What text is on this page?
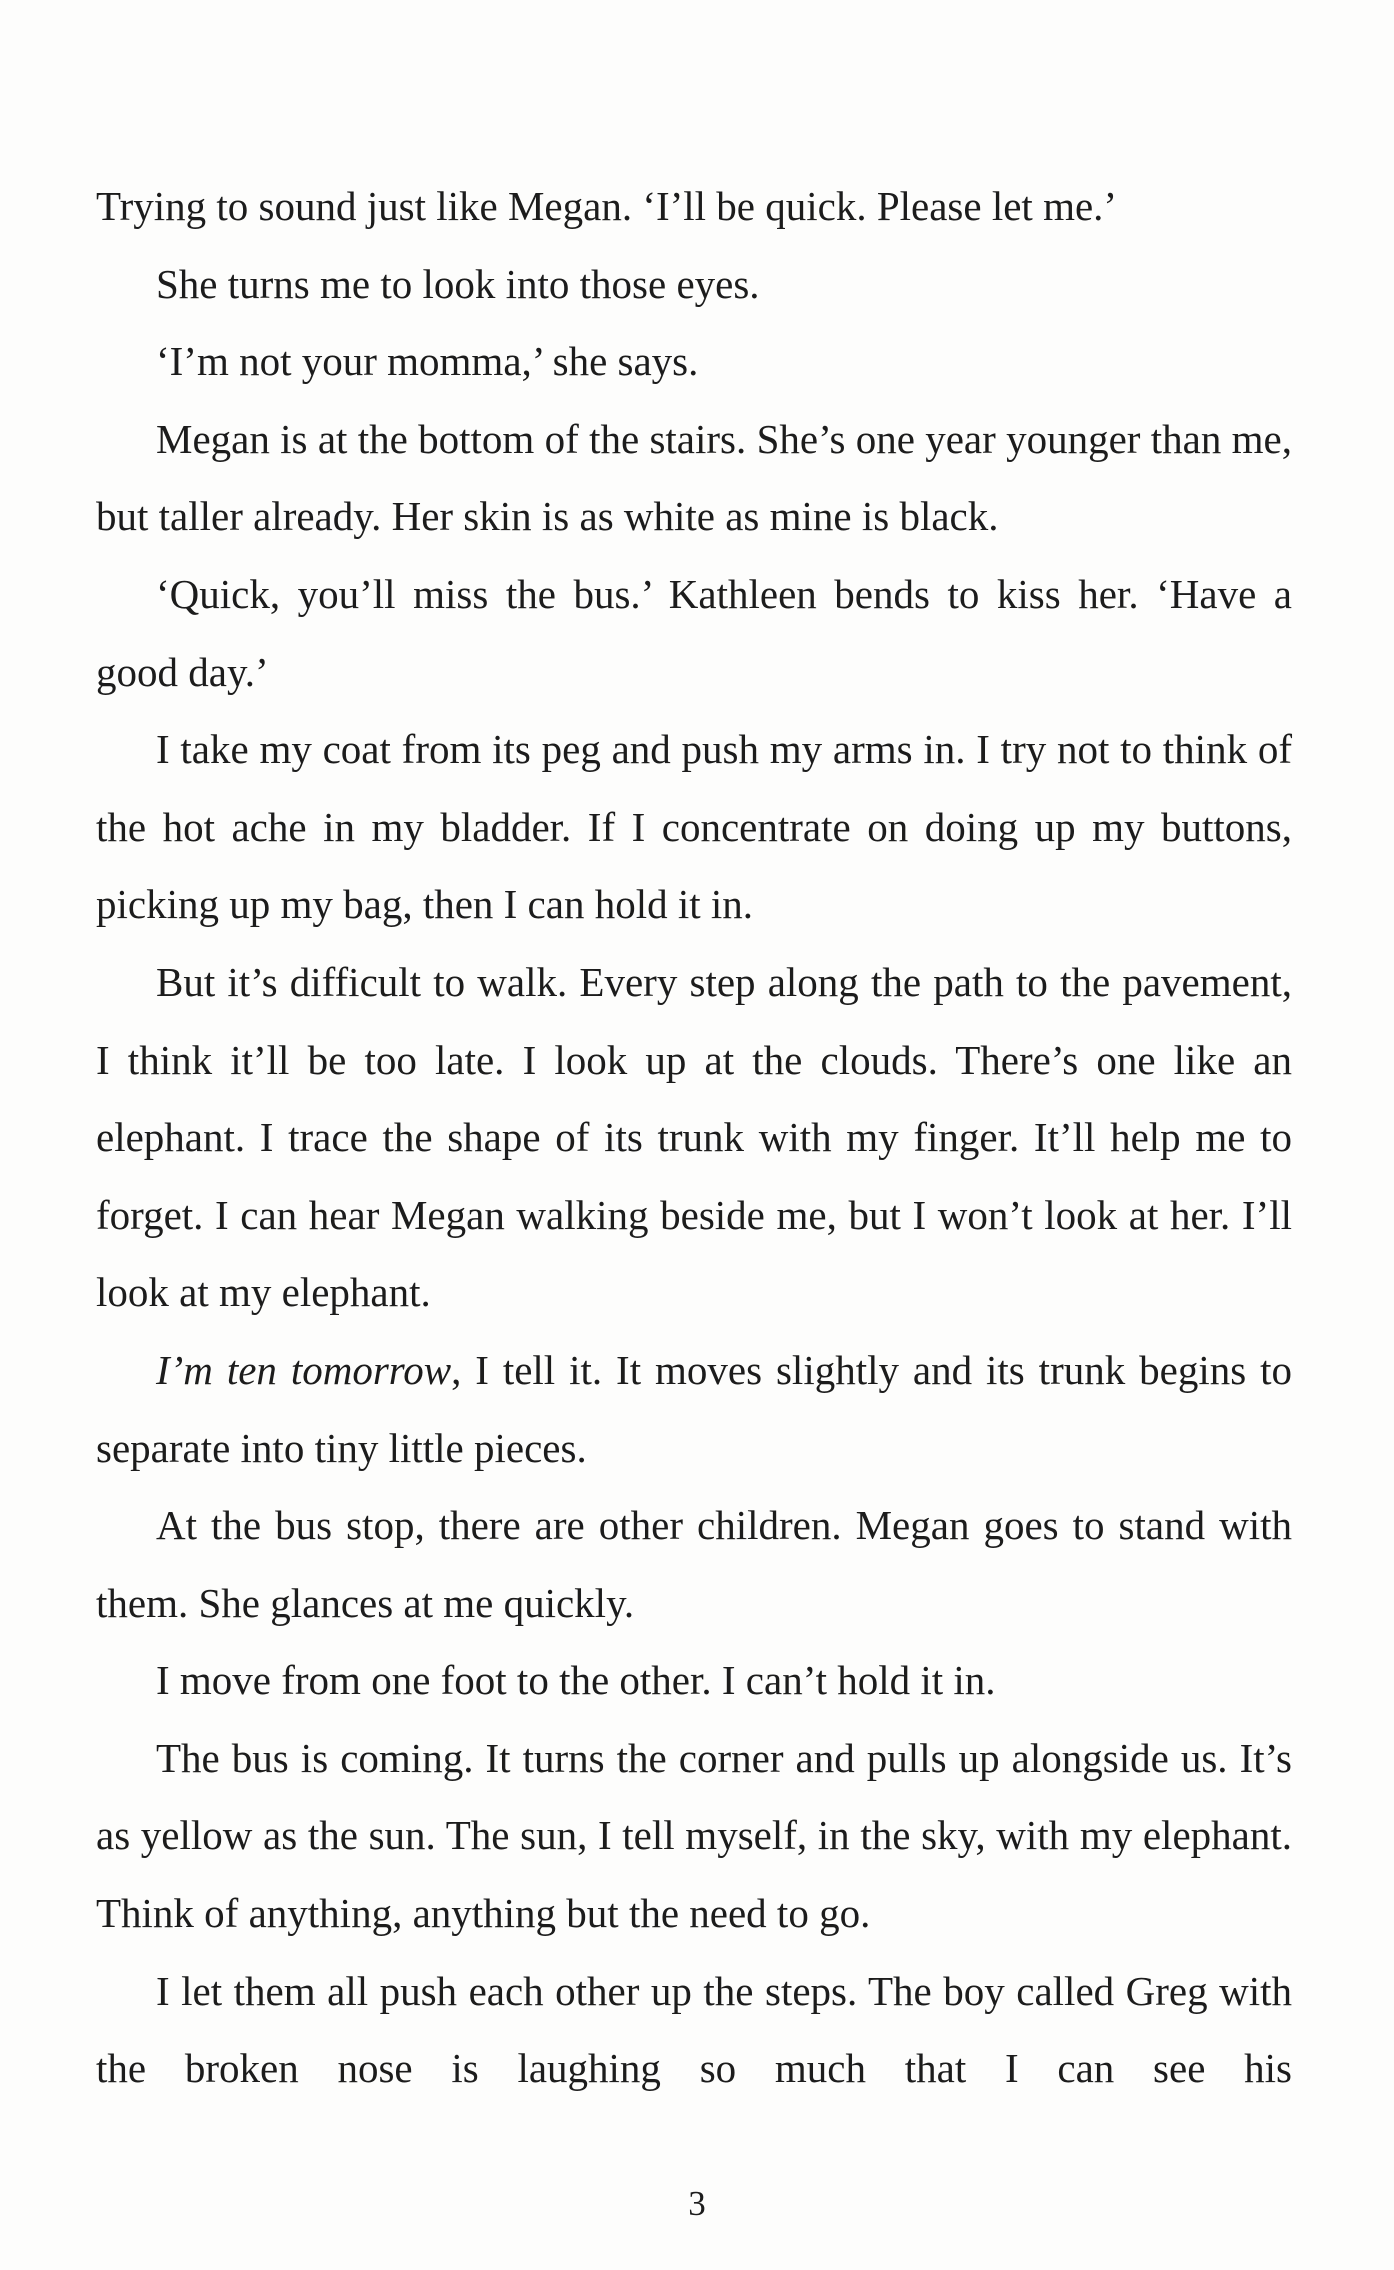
Trying to sound just like Megan. ‘I’ll be quick. Please let me.’

She turns me to look into those eyes.

‘I’m not your momma,’ she says.

Megan is at the bottom of the stairs. She’s one year younger than me, but taller already. Her skin is as white as mine is black.

‘Quick, you’ll miss the bus.’ Kathleen bends to kiss her. ‘Have a good day.’

I take my coat from its peg and push my arms in. I try not to think of the hot ache in my bladder. If I concentrate on doing up my buttons, picking up my bag, then I can hold it in.

But it’s difficult to walk. Every step along the path to the pavement, I think it’ll be too late. I look up at the clouds. There’s one like an elephant. I trace the shape of its trunk with my finger. It’ll help me to forget. I can hear Megan walking beside me, but I won’t look at her. I’ll look at my elephant.

I’m ten tomorrow, I tell it. It moves slightly and its trunk begins to separate into tiny little pieces.

At the bus stop, there are other children. Megan goes to stand with them. She glances at me quickly.

I move from one foot to the other. I can’t hold it in.

The bus is coming. It turns the corner and pulls up alongside us. It’s as yellow as the sun. The sun, I tell myself, in the sky, with my elephant. Think of anything, anything but the need to go.

I let them all push each other up the steps. The boy called Greg with the broken nose is laughing so much that I can see his

3
